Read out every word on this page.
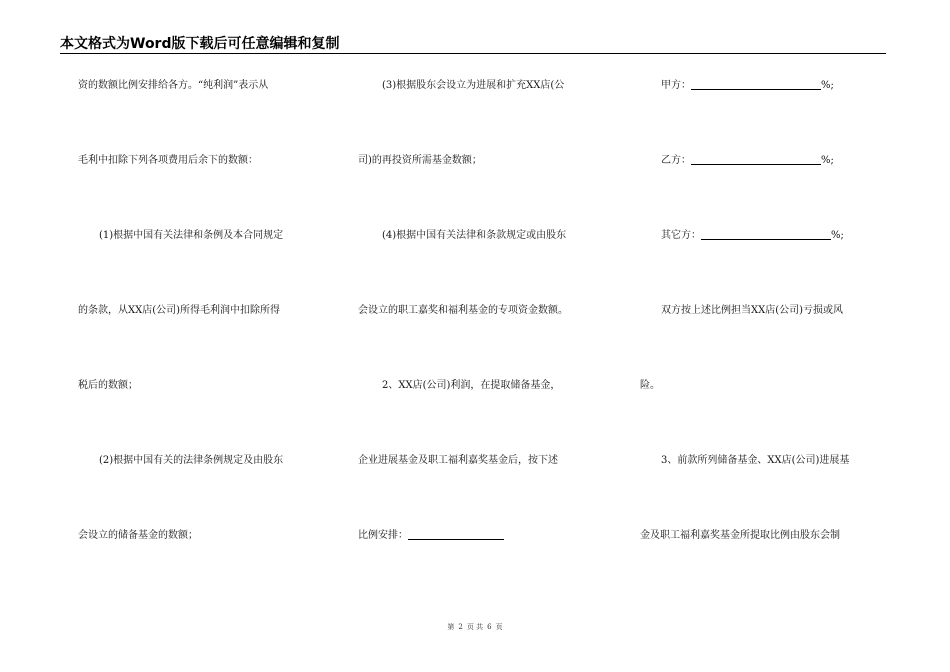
本文格式为Word版下载后可任意编辑和复制
资的数额比例安排给各方。“纯利润”表示从
毛利中扣除下列各项费用后余下的数额：
(1)根据中国有关法律和条例及本合同规定
的条款，从XX店(公司)所得毛利润中扣除所得
税后的数额；
(2)根据中国有关的法律条例规定及由股东
会设立的储备基金的数额；
(3)根据股东会设立为进展和扩充XX店(公
司)的再投资所需基金数额；
(4)根据中国有关法律和条款规定或由股东
会设立的职工嘉奖和福利基金的专项资金数额。
2、XX店(公司)利润，在提取储备基金，
企业进展基金及职工福利嘉奖基金后，按下述
比例安排：
甲方：	%;
乙方：	%;
其它方：	%;
双方按上述比例担当XX店(公司)亏损或风
险。
3、前款所列储备基金、XX店(公司)进展基
金及职工福利嘉奖基金所提取比例由股东会制
第 2 页 共 6 页
